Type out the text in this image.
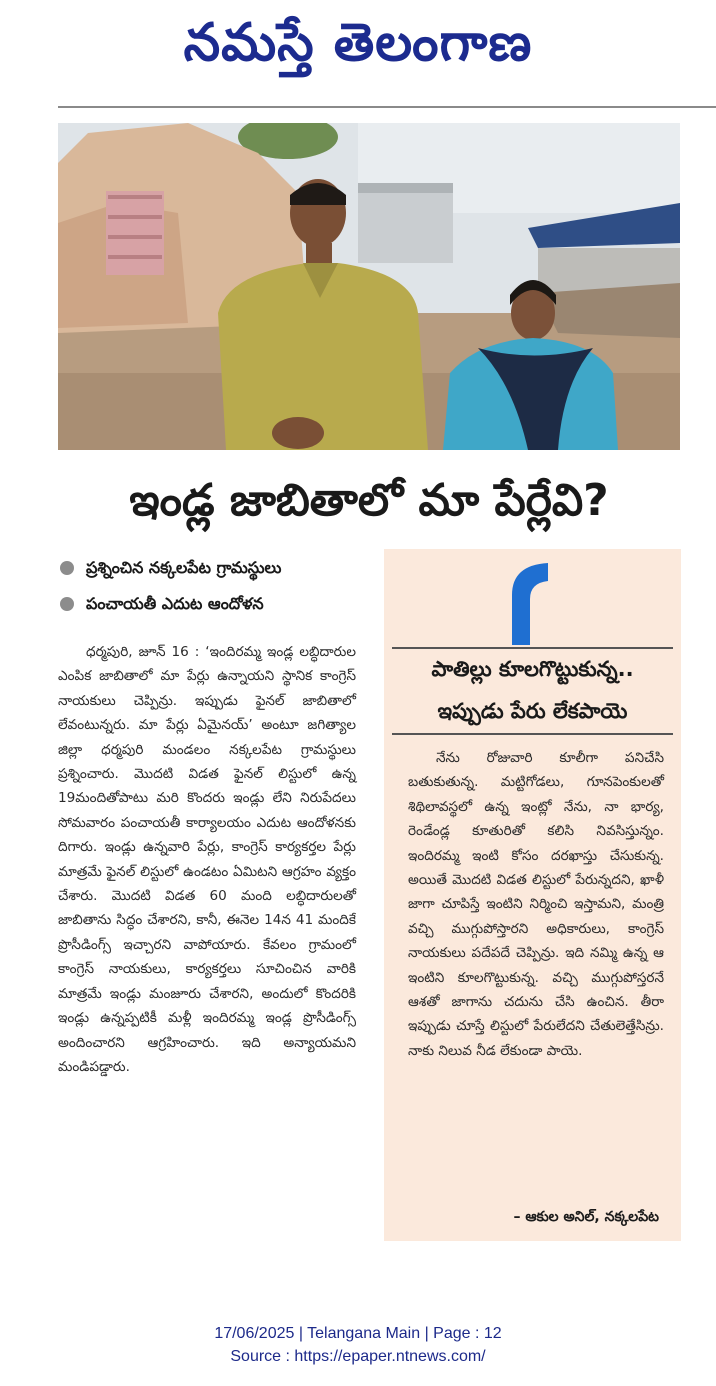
నమస్తే తెలంగాణ
ఇండ్ల జాబితాలో మా పేర్లేవి?
ప్రశ్నించిన నక్కలపేట గ్రామస్థులు
పంచాయతీ ఎదుట ఆందోళన

ధర్మపురి, జూన్ 16 : ‘ఇందిరమ్మ ఇండ్ల లబ్ధిదారుల ఎంపిక జాబితాలో మా పేర్లు ఉన్నాయని స్థానిక కాంగ్రెస్ నాయకులు చెప్పిన్రు. ఇప్పుడు ఫైనల్ జాబితాలో లేవంటున్నరు. మా పేర్లు ఏమైనయ్’ అంటూ జగిత్యాల జిల్లా ధర్మపురి మండలం నక్కలపేట గ్రామస్థులు ప్రశ్నించారు. మొదటి విడత ఫైనల్ లిస్టులో ఉన్న 19మందితోపాటు మరి కొందరు ఇండ్లు లేని నిరుపేదలు సోమవారం పంచాయతీ కార్యాలయం ఎదుట ఆందోళనకు దిగారు. ఇండ్లు ఉన్నవారి పేర్లు, కాంగ్రెస్ కార్యకర్తల పేర్లు మాత్రమే ఫైనల్ లిస్టులో ఉండటం ఏమిటని ఆగ్రహం వ్యక్తం చేశారు. మొదటి విడత 60 మంది లబ్ధిదారులతో జాబితాను సిద్ధం చేశారని, కానీ, ఈనెల 14న 41 మందికే ప్రొసీడింగ్స్ ఇచ్చారని వాపోయారు. కేవలం గ్రామంలో కాంగ్రెస్ నాయకులు, కార్యకర్తలు సూచించిన వారికి మాత్రమే ఇండ్లు మంజూరు చేశారని, అందులో కొందరికి ఇండ్లు ఉన్నప్పటికీ మళ్లీ ఇందిరమ్మ ఇండ్ల ప్రొసీడింగ్స్ అందించారని ఆగ్రహించారు. ఇది అన్యాయమని మండిపడ్డారు.

పాతిల్లు కూలగొట్టుకున్న..
ఇప్పుడు పేరు లేకపాయె

నేను రోజువారి కూలీగా పనిచేసి బతుకుతున్న. మట్టిగోడలు, గూనపెంకులతో శిథిలావస్థలో ఉన్న ఇంట్లో నేను, నా భార్య, రెండేండ్ల కూతురితో కలిసి నివసిస్తున్నం. ఇందిరమ్మ ఇంటి కోసం దరఖాస్తు చేసుకున్న. అయితే మొదటి విడత లిస్టులో పేరున్నదని, ఖాళీ జాగా చూపిస్తే ఇంటిని నిర్మించి ఇస్తామని, మంత్రి వచ్చి ముగ్గుపోస్తారని అధికారులు, కాంగ్రెస్ నాయకులు పదేపదే చెప్పిన్రు. ఇది నమ్మి ఉన్న ఆ ఇంటిని కూలగొట్టుకున్న. వచ్చి ముగ్గుపోస్తరనే ఆశతో జాగాను చదును చేసి ఉంచిన. తీరా ఇప్పుడు చూస్తే లిస్టులో పేరులేదని చేతులెత్తేసిన్రు. నాకు నిలువ నీడ లేకుండా పాయె.

– ఆకుల అనిల్, నక్కలపేట
17/06/2025 | Telangana Main | Page : 12
Source : https://epaper.ntnews.com/
